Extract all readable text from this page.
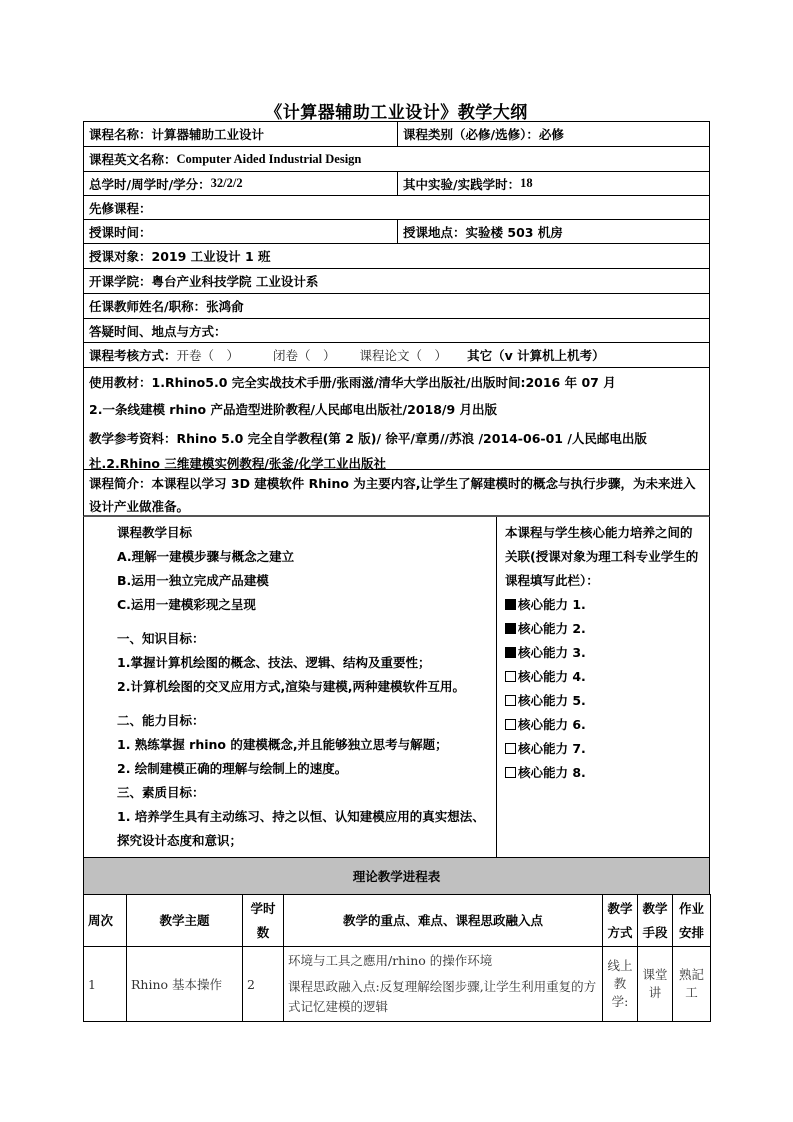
《计算器辅助工业设计》教学大纲
课程名称： 计算器辅助工业设计	课程类别（必修/选修）： 必修
课程英文名称： Computer Aided Industrial Design
总学时/周学时/学分： 32/2/2	其中实验/实践学时： 18
先修课程：
授课时间：	授课地点： 实验楼 503 机房
授课对象： 2019 工业设计 1 班
开课学院： 粤台产业科技学院 工业设计系
任课教师姓名/职称： 张鸿俞
答疑时间、地点与方式：
课程考核方式： 开卷（　）	闭卷（　） 课程论文（　） 其它（v 计算机上机考）
使用教材：1.Rhino5.0 完全实战技术手册/张雨滋/清华大学出版社/出版时间:2016 年 07 月
2.一条线建模 rhino 产品造型进阶教程/人民邮电出版社/2018/9 月出版
教学参考资料：Rhino 5.0 完全自学教程(第 2 版)/ 徐平/章勇//苏浪 /2014-06-01 /人民邮电出版社.2.Rhino 三维建模实例教程/张釜/化学工业出版社
课程简介：本课程以学习 3D 建模软件 Rhino 为主要内容,让学生了解建模时的概念与执行步骤，为未来进入设计产业做准备。

课程教学目标

A.理解一建模步骤与概念之建立

B.运用一独立完成产品建模

C.运用一建模彩现之呈现

一、知识目标：

1.掌握计算机绘图的概念、技法、逻辑、结构及重要性；

2.计算机绘图的交叉应用方式,渲染与建模,两种建模软件互用。

二、能力目标：

1. 熟练掌握 rhino 的建模概念,并且能够独立思考与解题；

2. 绘制建模正确的理解与绘制上的速度。

三、素质目标：

1. 培养学生具有主动练习、持之以恒、认知建模应用的真实想法、探究设计态度和意识；

本课程与学生核心能力培养之间的关联(授课对象为理工科专业学生的课程填写此栏）：

核心能力 1.

核心能力 2.

核心能力 3.

核心能力 4.

核心能力 5.

核心能力 6.

核心能力 7.

核心能力 8.

理论教学进程表
周次	教学主题	学时数	教学的重点、难点、课程思政融入点	教学方式	教学手段	作业安排
1	Rhino 基本操作	2	环境与工具之應用/rhino 的操作环境

课程思政融入点:反复理解绘图步骤,让学生利用重复的方式记忆建模的逻辑	线上教学:	课堂讲	熟記工
